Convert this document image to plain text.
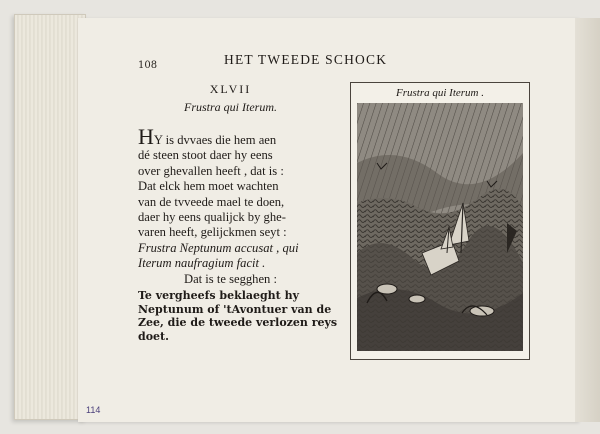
108	HET TWEEDE SCHOCK
XLVII
Frustra qui Iterum.
HY is dvvaes die hem aen
dé steen stoot daer hy eens
over ghevallen heeft , dat is :
Dat elck hem moet wachten
van de tvveede mael te doen,
daer hy eens qualijck by ghe-
varen heeft, gelijckmen seyt :
Frustra Neptunum accusat , qui
Iterum naufragium facit .
Dat is te segghen :
Te vergheefs beklaeght hy
Neptunum of 'tAvontuer van de
Zee, die de tweede verlozen reys
doet.
Frustra qui Iterum .
114
